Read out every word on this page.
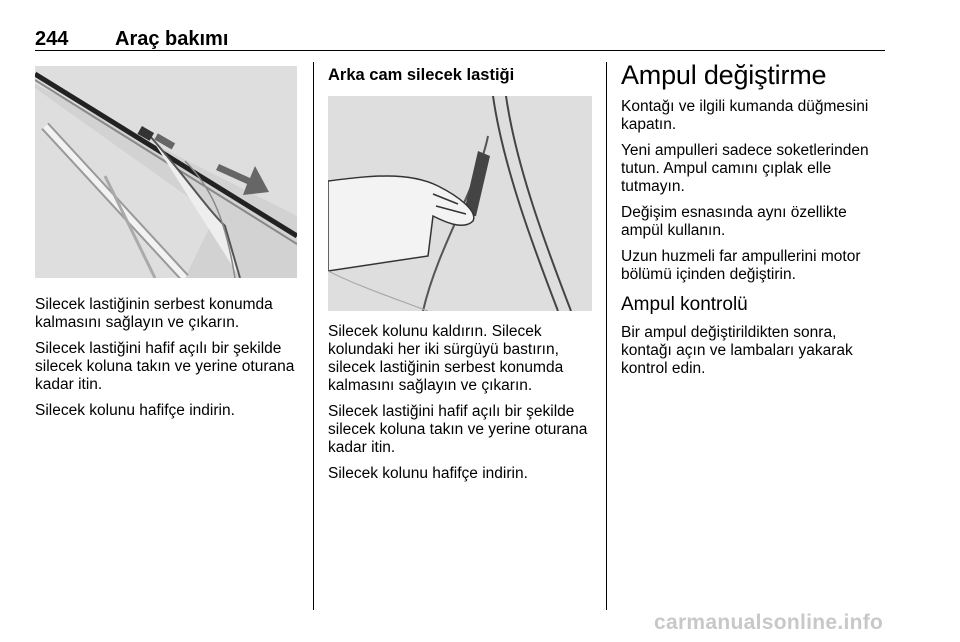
244 Araç bakımı

Silecek lastiğinin serbest konumda kalmasını sağlayın ve çıkarın.

Silecek lastiğini hafif açılı bir şekilde silecek koluna takın ve yerine oturana kadar itin.

Silecek kolunu hafifçe indirin.

Arka cam silecek lastiği

Silecek kolunu kaldırın. Silecek kolundaki her iki sürgüyü bastırın, silecek lastiğinin serbest konumda kalmasını sağlayın ve çıkarın.

Silecek lastiğini hafif açılı bir şekilde silecek koluna takın ve yerine oturana kadar itin.

Silecek kolunu hafifçe indirin.

Ampul değiştirme

Kontağı ve ilgili kumanda düğmesini kapatın.

Yeni ampulleri sadece soketlerinden tutun. Ampul camını çıplak elle tutmayın.

Değişim esnasında aynı özellikte ampül kullanın.

Uzun huzmeli far ampullerini motor bölümü içinden değiştirin.

Ampul kontrolü

Bir ampul değiştirildikten sonra, kontağı açın ve lambaları yakarak kontrol edin.

carmanualsonline.info
